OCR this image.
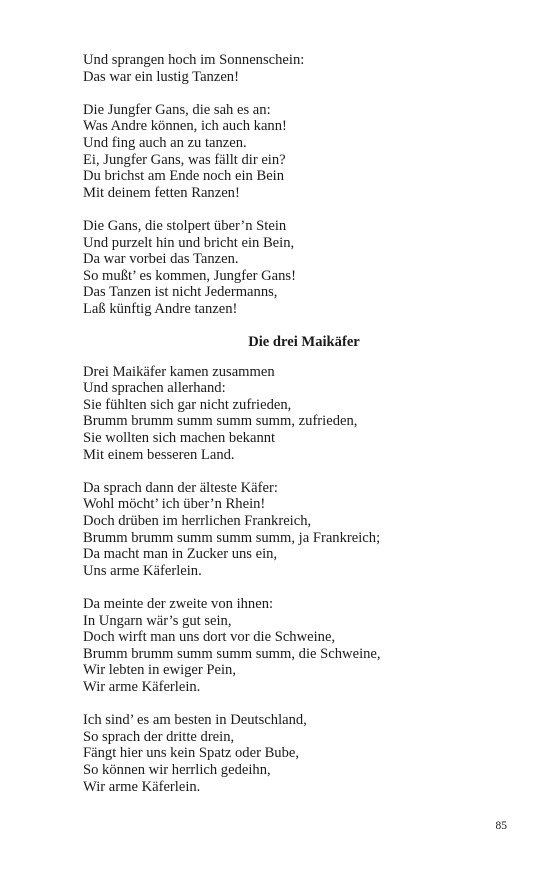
Und sprangen hoch im Sonnenschein:
Das war ein lustig Tanzen!
Die Jungfer Gans, die sah es an:
Was Andre können, ich auch kann!
Und fing auch an zu tanzen.
Ei, Jungfer Gans, was fällt dir ein?
Du brichst am Ende noch ein Bein
Mit deinem fetten Ranzen!
Die Gans, die stolpert über’n Stein
Und purzelt hin und bricht ein Bein,
Da war vorbei das Tanzen.
So mußt’ es kommen, Jungfer Gans!
Das Tanzen ist nicht Jedermanns,
Laß künftig Andre tanzen!
Die drei Maikäfer
Drei Maikäfer kamen zusammen
Und sprachen allerhand:
Sie fühlten sich gar nicht zufrieden,
Brumm brumm summ summ summ, zufrieden,
Sie wollten sich machen bekannt
Mit einem besseren Land.
Da sprach dann der älteste Käfer:
Wohl möcht’ ich über’n Rhein!
Doch drüben im herrlichen Frankreich,
Brumm brumm summ summ summ, ja Frankreich;
Da macht man in Zucker uns ein,
Uns arme Käferlein.
Da meinte der zweite von ihnen:
In Ungarn wär’s gut sein,
Doch wirft man uns dort vor die Schweine,
Brumm brumm summ summ summ, die Schweine,
Wir lebten in ewiger Pein,
Wir arme Käferlein.
Ich sind’ es am besten in Deutschland,
So sprach der dritte drein,
Fängt hier uns kein Spatz oder Bube,
So können wir herrlich gedeihn,
Wir arme Käferlein.
85
